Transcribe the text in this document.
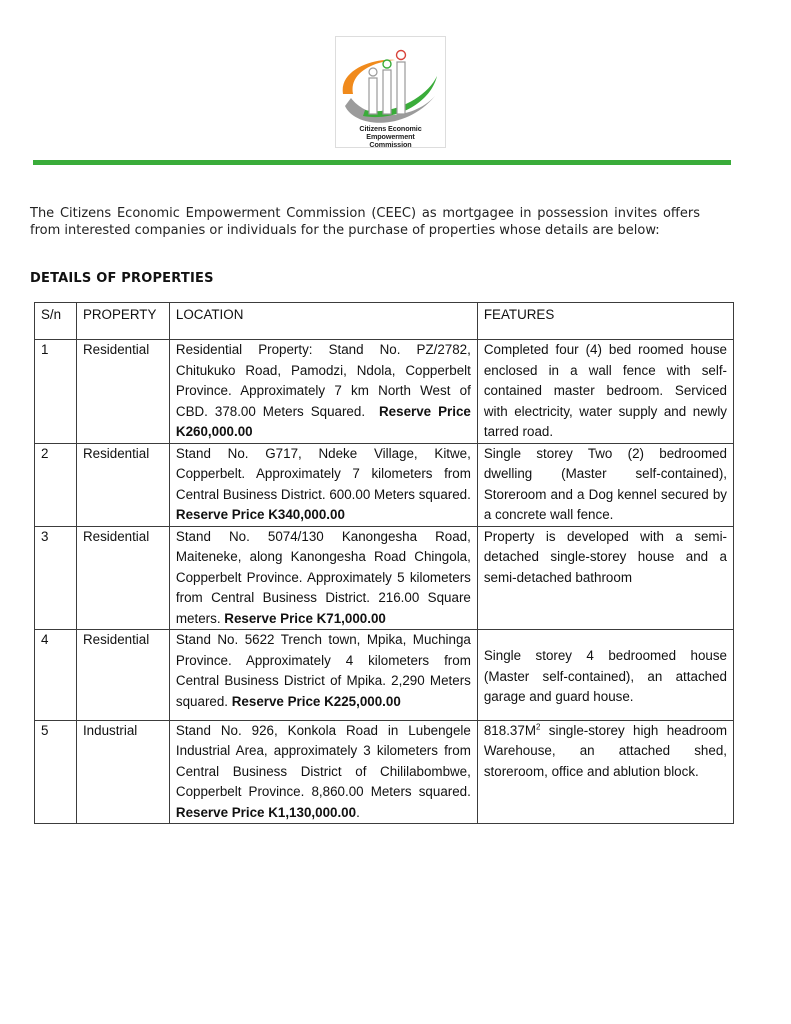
Citizens Economic Empowerment
Commission

The Citizens Economic Empowerment Commission (CEEC) as mortgagee in possession invites offers from interested companies or individuals for the purchase of properties whose details are below:

DETAILS OF PROPERTIES
S/n	PROPERTY	LOCATION	FEATURES
1	Residential	Residential Property: Stand No. PZ/2782, Chitukuko Road, Pamodzi, Ndola, Copperbelt Province. Approximately 7 km North West of CBD. 378.00 Meters Squared. Reserve Price K260,000.00	Completed four (4) bed roomed house enclosed in a wall fence with self-contained master bedroom. Serviced with electricity, water supply and newly tarred road.
2	Residential	Stand No. G717, Ndeke Village, Kitwe, Copperbelt. Approximately 7 kilometers from Central Business District. 600.00 Meters squared. Reserve Price K340,000.00	Single storey Two (2) bedroomed dwelling (Master self-contained), Storeroom and a Dog kennel secured by a concrete wall fence.
3	Residential	Stand No. 5074/130 Kanongesha Road, Maiteneke, along Kanongesha Road Chingola, Copperbelt Province. Approximately 5 kilometers from Central Business District. 216.00 Square meters. Reserve Price K71,000.00	Property is developed with a semi-detached single-storey house and a semi-detached bathroom
4	Residential	Stand No. 5622 Trench town, Mpika, Muchinga Province. Approximately 4 kilometers from Central Business District of Mpika. 2,290 Meters squared. Reserve Price K225,000.00	Single storey 4 bedroomed house (Master self-contained), an attached garage and guard house.
5	Industrial	Stand No. 926, Konkola Road in Lubengele Industrial Area, approximately 3 kilometers from Central Business District of Chililabombwe, Copperbelt Province. 8,860.00 Meters squared. Reserve Price K1,130,000.00.	$818.37M^2$ single-storey high headroom Warehouse, an attached shed, storeroom, office and ablution block.
